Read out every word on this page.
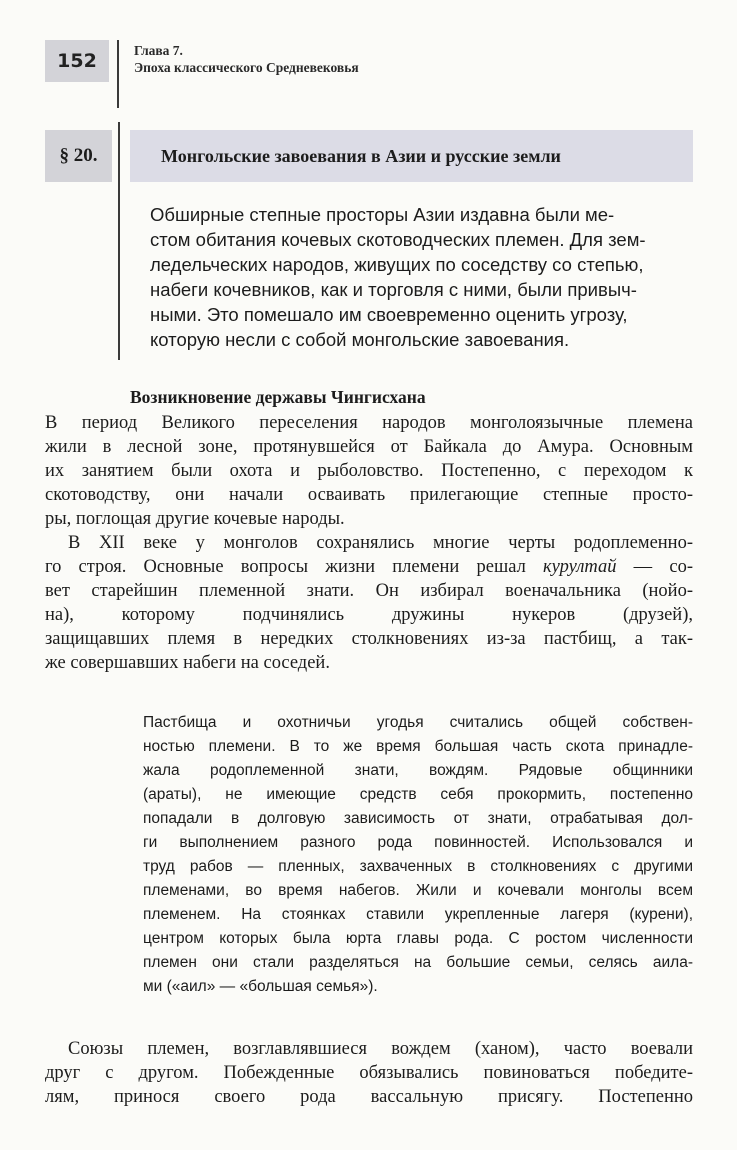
152	Глава 7.
Эпоха классического Средневековья
§ 20.	Монгольские завоевания в Азии и русские земли
Обширные степные просторы Азии издавна были ме-
стом обитания кочевых скотоводческих племен. Для зем-
ледельческих народов, живущих по соседству со степью,
набеги кочевников, как и торговля с ними, были привыч-
ными. Это помешало им своевременно оценить угрозу,
которую несли с собой монгольские завоевания.
Возникновение державы Чингисхана
В период Великого переселения народов монголоязычные племена
жили в лесной зоне, протянувшейся от Байкала до Амура. Основным
их занятием были охота и рыболовство. Постепенно, с переходом к
скотоводству, они начали осваивать прилегающие степные просто-
ры, поглощая другие кочевые народы.
В XII веке у монголов сохранялись многие черты родоплеменно-
го строя. Основные вопросы жизни племени решал курултай — со-
вет старейшин племенной знати. Он избирал военачальника (нойо-
на), которому подчинялись дружины нукеров (друзей),
защищавших племя в нередких столкновениях из-за пастбищ, а так-
же совершавших набеги на соседей.
Пастбища и охотничьи угодья считались общей собствен-
ностью племени. В то же время большая часть скота принадле-
жала родоплеменной знати, вождям. Рядовые общинники
(араты), не имеющие средств себя прокормить, постепенно
попадали в долговую зависимость от знати, отрабатывая дол-
ги выполнением разного рода повинностей. Использовался и
труд рабов — пленных, захваченных в столкновениях с другими
племенами, во время набегов. Жили и кочевали монголы всем
племенем. На стоянках ставили укрепленные лагеря (курени),
центром которых была юрта главы рода. С ростом численности
племен они стали разделяться на большие семьи, селясь аила-
ми («аил» — «большая семья»).
Союзы племен, возглавлявшиеся вождем (ханом), часто воевали
друг с другом. Побежденные обязывались повиноваться победите-
лям, принося своего рода вассальную присягу. Постепенно
